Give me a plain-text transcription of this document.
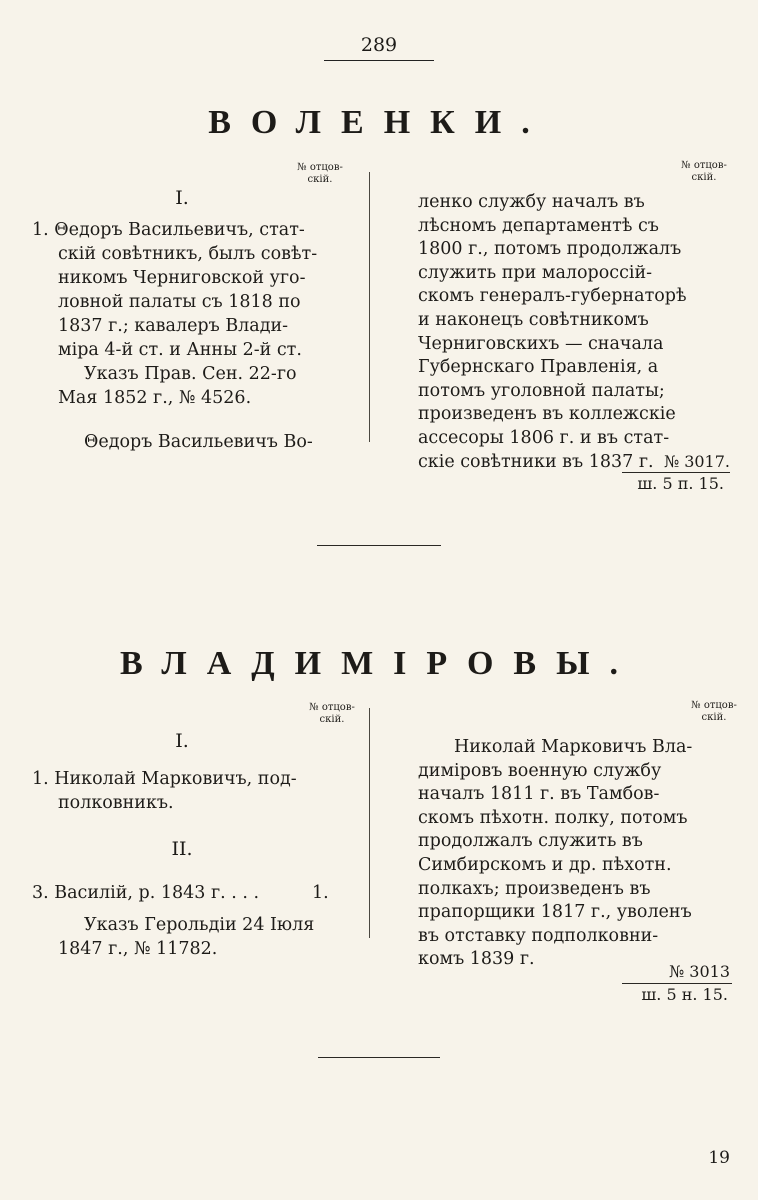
289
ВОЛЕНКИ.
№ отцов-
скій.
№ отцов-
скій.
I.
1. Θедоръ Васильевичъ, стат-
скій совѣтникъ, былъ совѣт-
никомъ Черниговской уго-
ловной палаты съ 1818 по
1837 г.; кавалеръ Влади-
міра 4-й ст. и Анны 2-й ст.
Указъ Прав. Сен. 22-го
Мая 1852 г., № 4526.
Θедоръ Васильевичъ Во-
ленко службу началъ въ
лѣсномъ департаментѣ съ
1800 г., потомъ продолжалъ
служить при малороссій-
скомъ генералъ-губернаторѣ
и наконецъ совѣтникомъ
Черниговскихъ — сначала
Губернскаго Правленія, а
потомъ уголовной палаты;
произведенъ въ коллежскіе
ассесоры 1806 г. и въ стат-
скіе совѣтники въ 1837 г. № 3017.
ш. 5 п. 15.
ВЛАДИМІРОВЫ.
№ отцов-
скій.
№ отцов-
скій.
I.
1. Николай Марковичъ, под-
полковникъ.
II.
3. Василій, р. 1843 г. . . .	1.
Указъ Герольдіи 24 Іюля
1847 г., № 11782.
Николай Марковичъ Вла-
диміровъ военную службу
началъ 1811 г. въ Тамбов-
скомъ пѣхотн. полку, потомъ
продолжалъ служить въ
Симбирскомъ и др. пѣхотн.
полкахъ; произведенъ въ
прапорщики 1817 г., уволенъ
въ отставку подполковни-
комъ 1839 г.
№ 3013
ш. 5 н. 15.
19
